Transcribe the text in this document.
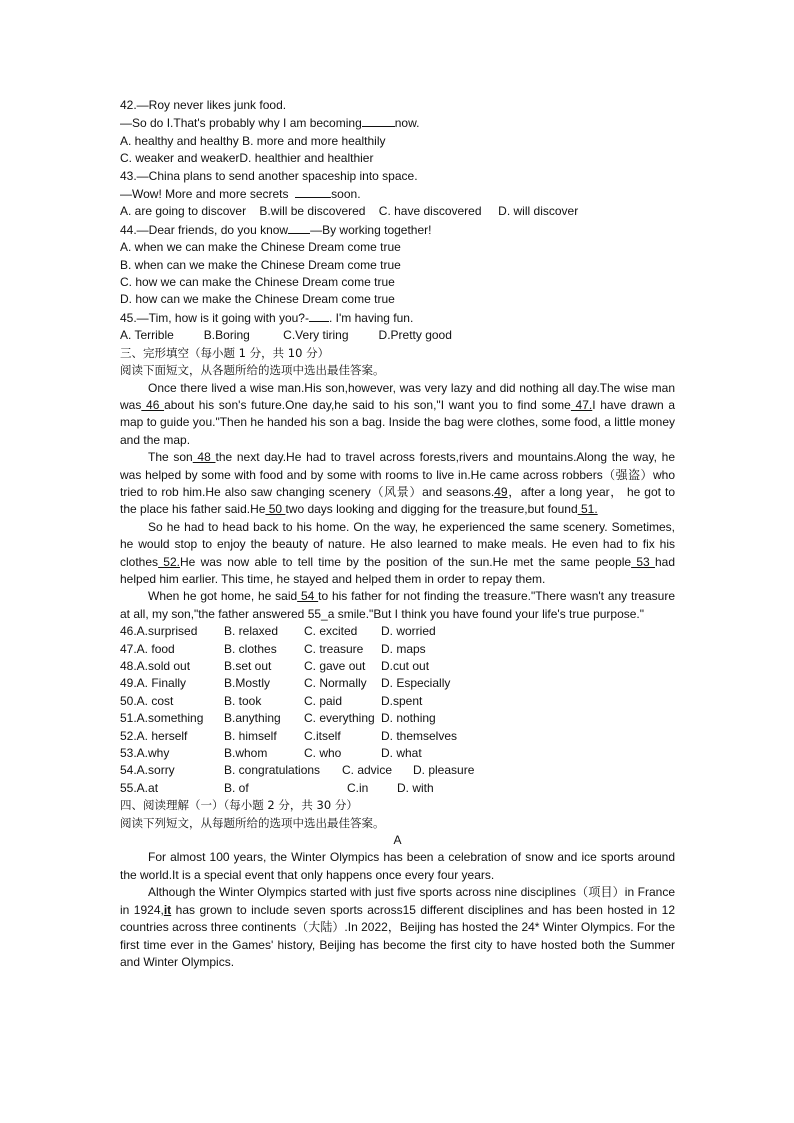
42.—Roy never likes junk food.
—So do I.That's probably why I am becoming	now.
A. healthy and healthy B. more and more healthily
C. weaker and weakerD. healthier and healthier
43.—China plans to send another spaceship into space.
—Wow! More and more secrets	soon.
A. are going to discover    B.will be discovered    C. have discovered     D. will discover
44.—Dear friends, do you know —By working together!
A. when we can make the Chinese Dream come true
B. when can we make the Chinese Dream come true
C. how we can make the Chinese Dream come true
D. how can we make the Chinese Dream come true
45.—Tim, how is it going with you?- . I'm having fun.
A. Terrible         B.Boring          C.Very tiring         D.Pretty good
三、完形填空（每小题 1 分，共 10 分）
阅读下面短文，从各题所给的选项中选出最佳答案。
Once there lived a wise man.His son,however, was very lazy and did nothing all day.The wise man was 46 about his son's future.One day,he said to his son,"I want you to find some 47.I have drawn a map to guide you."Then he handed his son a bag. Inside the bag were clothes, some food, a little money and the map.
The son 48 the next day.He had to travel across forests,rivers and mountains.Along the way, he was helped by some with food and by some with rooms to live in.He came across robbers（强盗）who tried to rob him.He also saw changing scenery（风景）and seasons.49，after a long year， he got to the place his father said.He 50 two days looking and digging for the treasure,but found 51.
So he had to head back to his home. On the way, he experienced the same scenery. Sometimes, he would stop to enjoy the beauty of nature. He also learned to make meals. He even had to fix his clothes 52.He was now able to tell time by the position of the sun.He met the same people 53 had helped him earlier. This time, he stayed and helped them in order to repay them.
When he got home, he said 54 to his father for not finding the treasure."There wasn't any treasure at all, my son,"the father answered 55_a smile."But I think you have found your life's true purpose."
46.A.surprised	B. relaxed	C. excited	D. worried
47.A. food	B. clothes	C. treasure	D. maps
48.A.sold out	B.set out	C. gave out	D.cut out
49.A. Finally	B.Mostly	C. Normally	D. Especially
50.A. cost	B. took	C. paid	D.spent
51.A.something	B.anything	C. everything D. nothing
52.A. herself	B. himself	C.itself	D. themselves
53.A.why	B.whom	C. who	D. what
54.A.sorry	B. congratulations	C. advice	D. pleasure
55.A.at	B. of	C.in	D. with
四、阅读理解（一）（每小题 2 分，共 30 分）
阅读下列短文，从每题所给的选项中选出最佳答案。
A
For almost 100 years, the Winter Olympics has been a celebration of snow and ice sports around the world.It is a special event that only happens once every four years.
Although the Winter Olympics started with just five sports across nine disciplines（项目）in France in 1924,it has grown to include seven sports across15 different disciplines and has been hosted in 12 countries across three continents（大陆）.In 2022，Beijing has hosted the 24* Winter Olympics. For the first time ever in the Games' history, Beijing has become the first city to have hosted both the Summer and Winter Olympics.
